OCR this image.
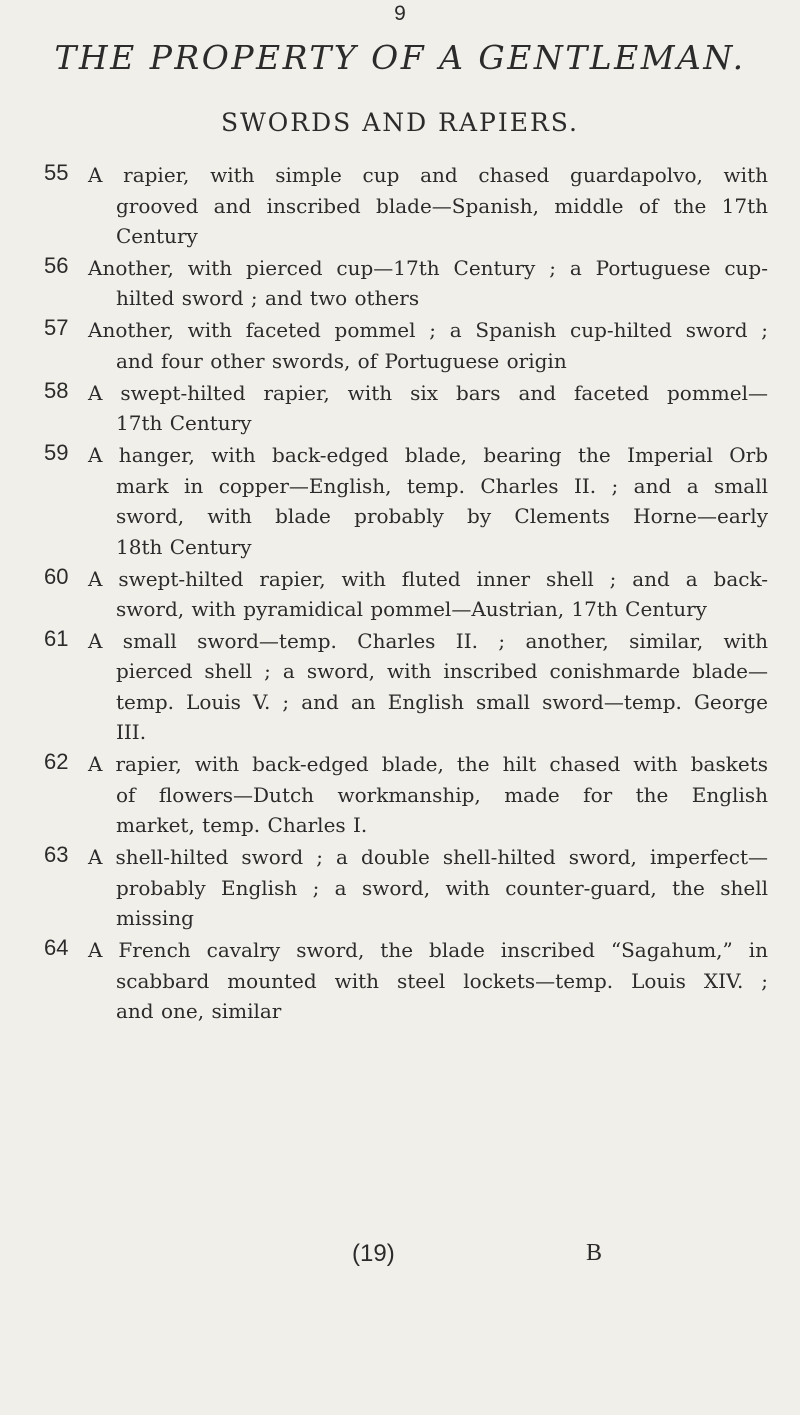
9
THE PROPERTY OF A GENTLEMAN.
SWORDS AND RAPIERS.
55 A rapier, with simple cup and chased guardapolvo, with
grooved and inscribed blade—Spanish, middle of the 17th
Century
56 Another, with pierced cup—17th Century ; a Portuguese cup-
hilted sword ; and two others
57 Another, with faceted pommel ; a Spanish cup-hilted sword ;
and four other swords, of Portuguese origin
58 A swept-hilted rapier, with six bars and faceted pommel—
17th Century
59 A hanger, with back-edged blade, bearing the Imperial Orb
mark in copper—English, temp. Charles II. ; and a small
sword, with blade probably by Clements Horne—early
18th Century
60 A swept-hilted rapier, with fluted inner shell ; and a back-
sword, with pyramidical pommel—Austrian, 17th Century
61 A small sword—temp. Charles II. ; another, similar, with
pierced shell ; a sword, with inscribed conishmarde blade—
temp. Louis V. ; and an English small sword—temp. George
III.
62 A rapier, with back-edged blade, the hilt chased with baskets
of flowers—Dutch workmanship, made for the English
market, temp. Charles I.
63 A shell-hilted sword ; a double shell-hilted sword, imperfect—
probably English ; a sword, with counter-guard, the shell
missing
64 A French cavalry sword, the blade inscribed “Sagahum,” in
scabbard mounted with steel lockets—temp. Louis XIV. ;
and one, similar
(19)	B
